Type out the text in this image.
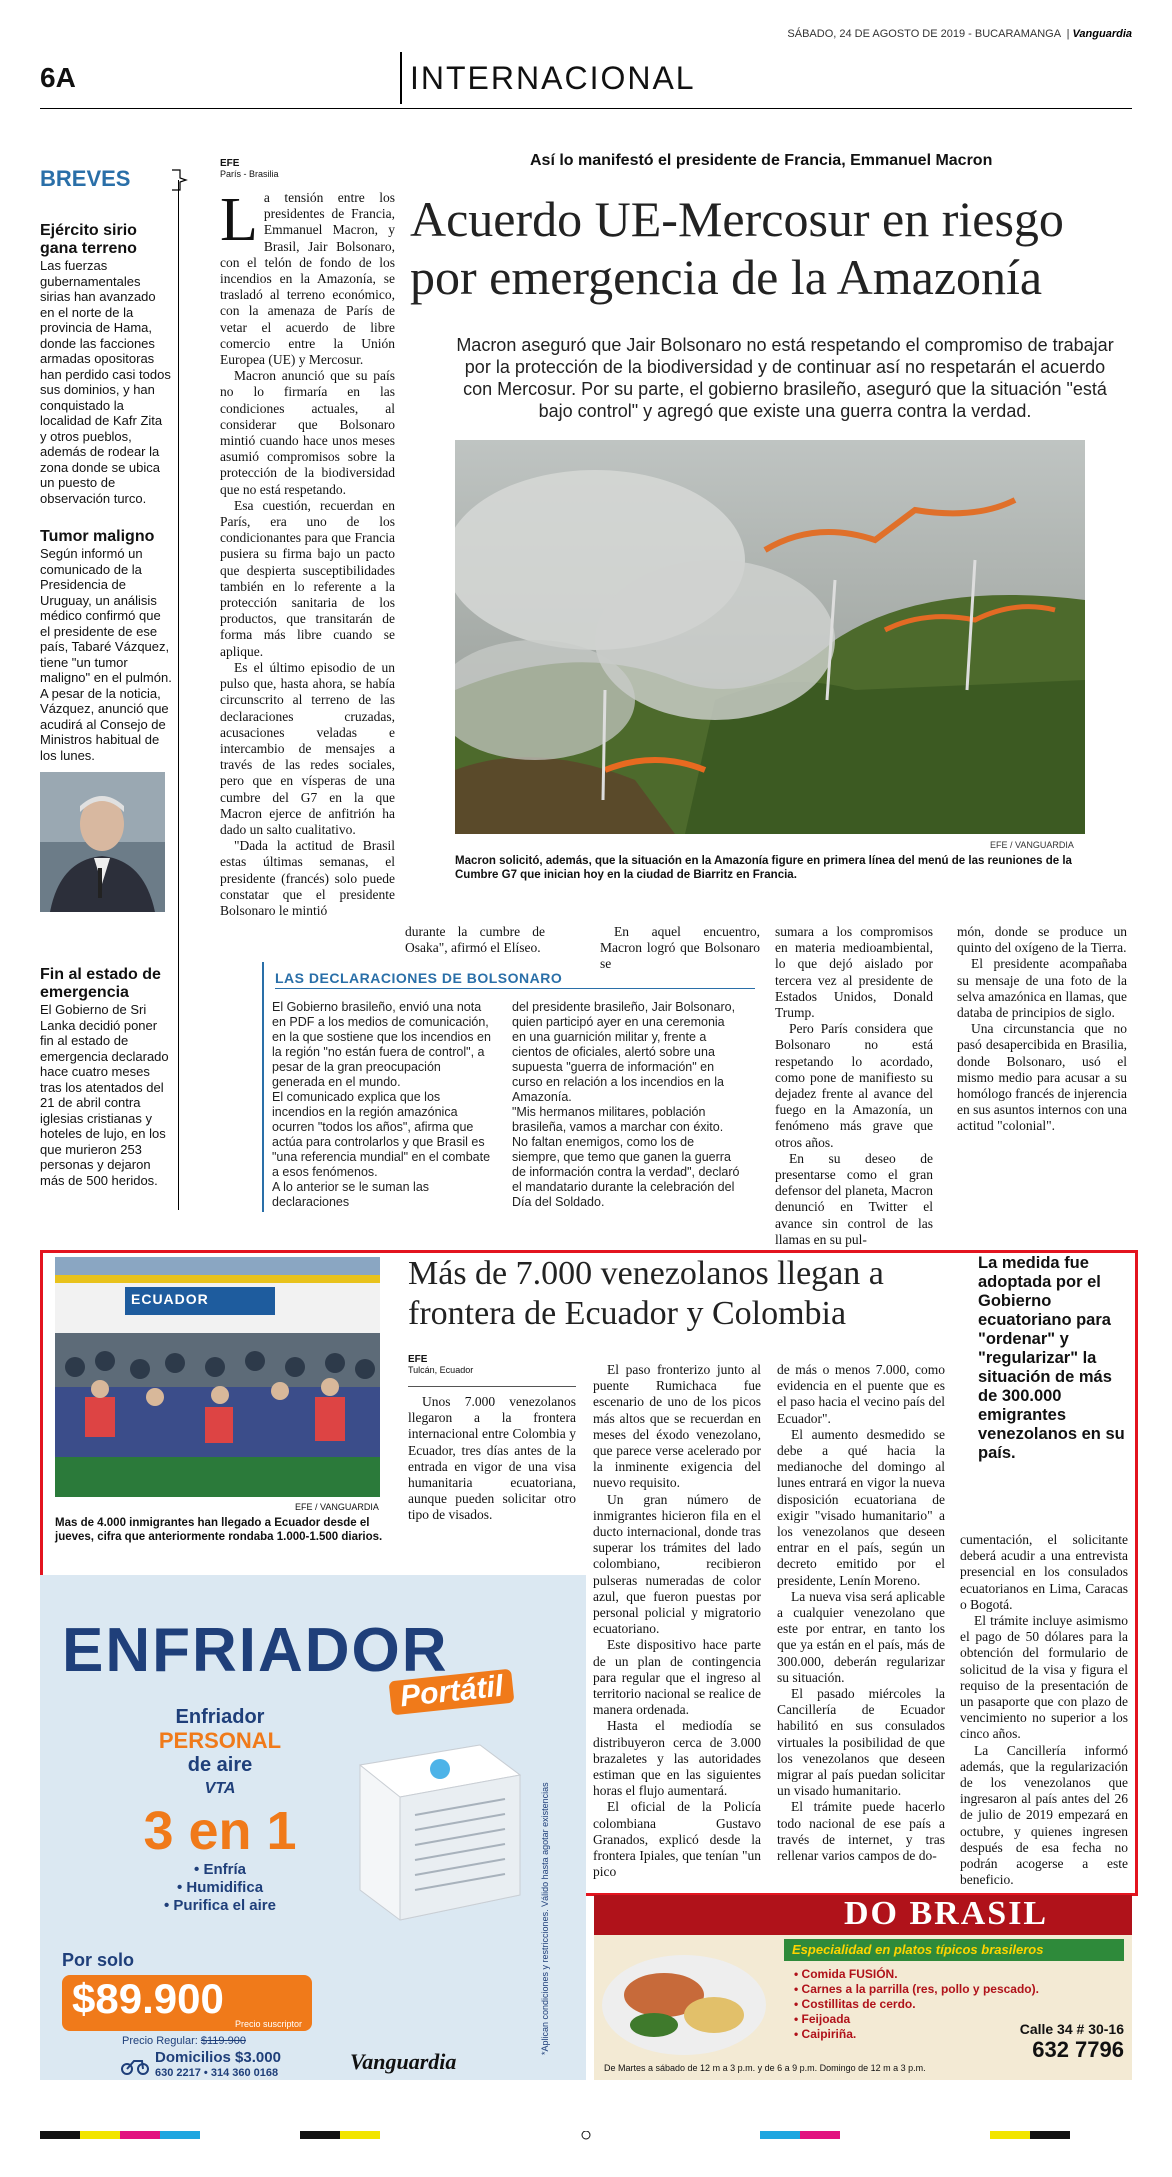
SÁBADO, 24 DE AGOSTO DE 2019 - BUCARAMANGA  | Vanguardia
6A	INTERNACIONAL
BREVES
Ejército sirio gana terreno
Las fuerzas gubernamentales sirias han avanzado en el norte de la provincia de Hama, donde las facciones armadas opositoras han perdido casi todos sus dominios, y han conquistado la localidad de Kafr Zita y otros pueblos, además de rodear la zona donde se ubica un puesto de observación turco.
Tumor maligno
Según informó un comunicado de la Presidencia de Uruguay, un análisis médico confirmó que el presidente de ese país, Tabaré Vázquez, tiene "un tumor maligno" en el pulmón. A pesar de la noticia, Vázquez, anunció que acudirá al Consejo de Ministros habitual de los lunes.
Fin al estado de emergencia
El Gobierno de Sri Lanka decidió poner fin al estado de emergencia declarado hace cuatro meses tras los atentados del 21 de abril contra iglesias cristianas y hoteles de lujo, en los que murieron 253 personas y dejaron más de 500 heridos.
EFE
París - Brasilia
Así lo manifestó el presidente de Francia, Emmanuel Macron
Acuerdo UE-Mercosur en riesgo por emergencia de la Amazonía
Macron aseguró que Jair Bolsonaro no está respetando el compromiso de trabajar por la protección de la biodiversidad y de continuar así no respetarán el acuerdo con Mercosur. Por su parte, el gobierno brasileño, aseguró que la situación "está bajo control" y agregó que existe una guerra contra la verdad.
L a tensión entre los presidentes de Francia, Emmanuel Macron, y Brasil, Jair Bolsonaro, con el telón de fondo de los incendios en la Amazonía, se trasladó al terreno económico, con la amenaza de París de vetar el acuerdo de libre comercio entre la Unión Europea (UE) y Mercosur.

Macron anunció que su país no lo firmaría en las condiciones actuales, al considerar que Bolsonaro mintió cuando hace unos meses asumió compromisos sobre la protección de la biodiversidad que no está respetando.

Esa cuestión, recuerdan en París, era uno de los condicionantes para que Francia pusiera su firma bajo un pacto que despierta susceptibilidades también en lo referente a la protección sanitaria de los productos, que transitarán de forma más libre cuando se aplique.

Es el último episodio de un pulso que, hasta ahora, se había circunscrito al terreno de las declaraciones cruzadas, acusaciones veladas e intercambio de mensajes a través de las redes sociales, pero que en vísperas de una cumbre del G7 en la que Macron ejerce de anfitrión ha dado un salto cualitativo.

"Dada la actitud de Brasil estas últimas semanas, el presidente (francés) solo puede constatar que el presidente Bolsonaro le mintió

EFE / VANGUARDIA
Macron solicitó, además, que la situación en la Amazonía figure en primera línea del menú de las reuniones de la Cumbre G7 que inician hoy en la ciudad de Biarritz en Francia.

durante la cumbre de Osaka", afirmó el Elíseo.

En aquel encuentro, Macron logró que Bolsonaro se

sumara a los compromisos en materia medioambiental, lo que dejó aislado por tercera vez al presidente de Estados Unidos, Donald Trump.

Pero París considera que Bolsonaro no está respetando lo acordado, como pone de manifiesto su dejadez frente al avance del fuego en la Amazonía, un fenómeno más grave que otros años.

En su deseo de presentarse como el gran defensor del planeta, Macron denunció en Twitter el avance sin control de las llamas en su pul-

món, donde se produce un quinto del oxígeno de la Tierra.

El presidente acompañaba su mensaje de una foto de la selva amazónica en llamas, que databa de principios de siglo.

Una circunstancia que no pasó desapercibida en Brasilia, donde Bolsonaro, usó el mismo medio para acusar a su homólogo francés de injerencia en sus asuntos internos con una actitud "colonial".

LAS DECLARACIONES DE BOLSONARO

El Gobierno brasileño, envió una nota en PDF a los medios de comunicación, en la que sostiene que los incendios en la región "no están fuera de control", a pesar de la gran preocupación generada en el mundo.

El comunicado explica que los incendios en la región amazónica ocurren "todos los años", afirma que actúa para controlarlos y que Brasil es "una referencia mundial" en el combate a esos fenómenos.

A lo anterior se le suman las declaraciones

del presidente brasileño, Jair Bolsonaro, quien participó ayer en una ceremonia en una guarnición militar y, frente a cientos de oficiales, alertó sobre una supuesta "guerra de información" en curso en relación a los incendios en la Amazonía.

"Mis hermanos militares, población brasileña, vamos a marchar con éxito. No faltan enemigos, como los de siempre, que temo que ganen la guerra de información contra la verdad", declaró el mandatario durante la celebración del Día del Soldado.

ECUADOR
EFE / VANGUARDIA
Mas de 4.000 inmigrantes han llegado a Ecuador desde el jueves, cifra que anteriormente rondaba 1.000-1.500 diarios.
Más de 7.000 venezolanos llegan a frontera de Ecuador y Colombia
La medida fue adoptada por el Gobierno ecuatoriano para "ordenar" y "regularizar" la situación de más de 300.000 emigrantes venezolanos en su país.
EFE
Tulcán, Ecuador

Unos 7.000 venezolanos llegaron a la frontera internacional entre Colombia y Ecuador, tres días antes de la entrada en vigor de una visa humanitaria ecuatoriana, aunque pueden solicitar otro tipo de visados.

El paso fronterizo junto al puente Rumichaca fue escenario de uno de los picos más altos que se recuerdan en meses del éxodo venezolano, que parece verse acelerado por la inminente exigencia del nuevo requisito.

Un gran número de inmigrantes hicieron fila en el ducto internacional, donde tras superar los trámites del lado colombiano, recibieron pulseras numeradas de color azul, que fueron puestas por personal policial y migratorio ecuatoriano.

Este dispositivo hace parte de un plan de contingencia para regular que el ingreso al territorio nacional se realice de manera ordenada.

Hasta el mediodía se distribuyeron cerca de 3.000 brazaletes y las autoridades estiman que en las siguientes horas el flujo aumentará.

El oficial de la Policía colombiana Gustavo Granados, explicó desde la frontera Ipiales, que tenían "un pico

de más o menos 7.000, como evidencia en el puente que es el paso hacia el vecino país del Ecuador".

El aumento desmedido se debe a qué hacia la medianoche del domingo al lunes entrará en vigor la nueva disposición ecuatoriana de exigir "visado humanitario" a los venezolanos que deseen entrar en el país, según un decreto emitido por el presidente, Lenín Moreno.

La nueva visa será aplicable a cualquier venezolano que este por entrar, en tanto los que ya están en el país, más de 300.000, deberán regularizar su situación.

El pasado miércoles la Cancillería de Ecuador habilitó en sus consulados virtuales la posibilidad de que los venezolanos que deseen migrar al país puedan solicitar un visado humanitario.

El trámite puede hacerlo todo nacional de ese país a través de internet, y tras rellenar varios campos de do-

cumentación, el solicitante deberá acudir a una entrevista presencial en los consulados ecuatorianos en Lima, Caracas o Bogotá.

El trámite incluye asimismo el pago de 50 dólares para la obtención del formulario de solicitud de la visa y figura el requiso de la presentación de un pasaporte que con plazo de vencimiento no superior a los cinco años.

La Cancillería informó además, que la regularización de los venezolanos que ingresaron al país antes del 26 de julio de 2019 empezará en octubre, y quienes ingresen después de esa fecha no podrán acogerse a este beneficio.

ENFRIADOR
Portátil
Enfriador
PERSONAL
de aire
VTA
3 en 1
• Enfría
• Humidifica
• Purifica el aire
Por solo
$89.900
Precio suscriptor
Precio Regular: $119.900
Domicilios $3.000
630 2217 • 314 360 0168	Vanguardia
*Aplican condiciones y restricciones. Válido hasta agotar existencias	DO BRASIL
Especialidad en platos típicos brasileros
• Comida FUSIÓN.
• Carnes a la parrilla (res, pollo y pescado).
• Costillitas de cerdo.
• Feijoada
• Caipiriña.	Calle 34 # 30-16
632 7796
De Martes a sábado de 12 m a 3 p.m. y de 6 a 9 p.m. Domingo de 12 m a 3 p.m.
